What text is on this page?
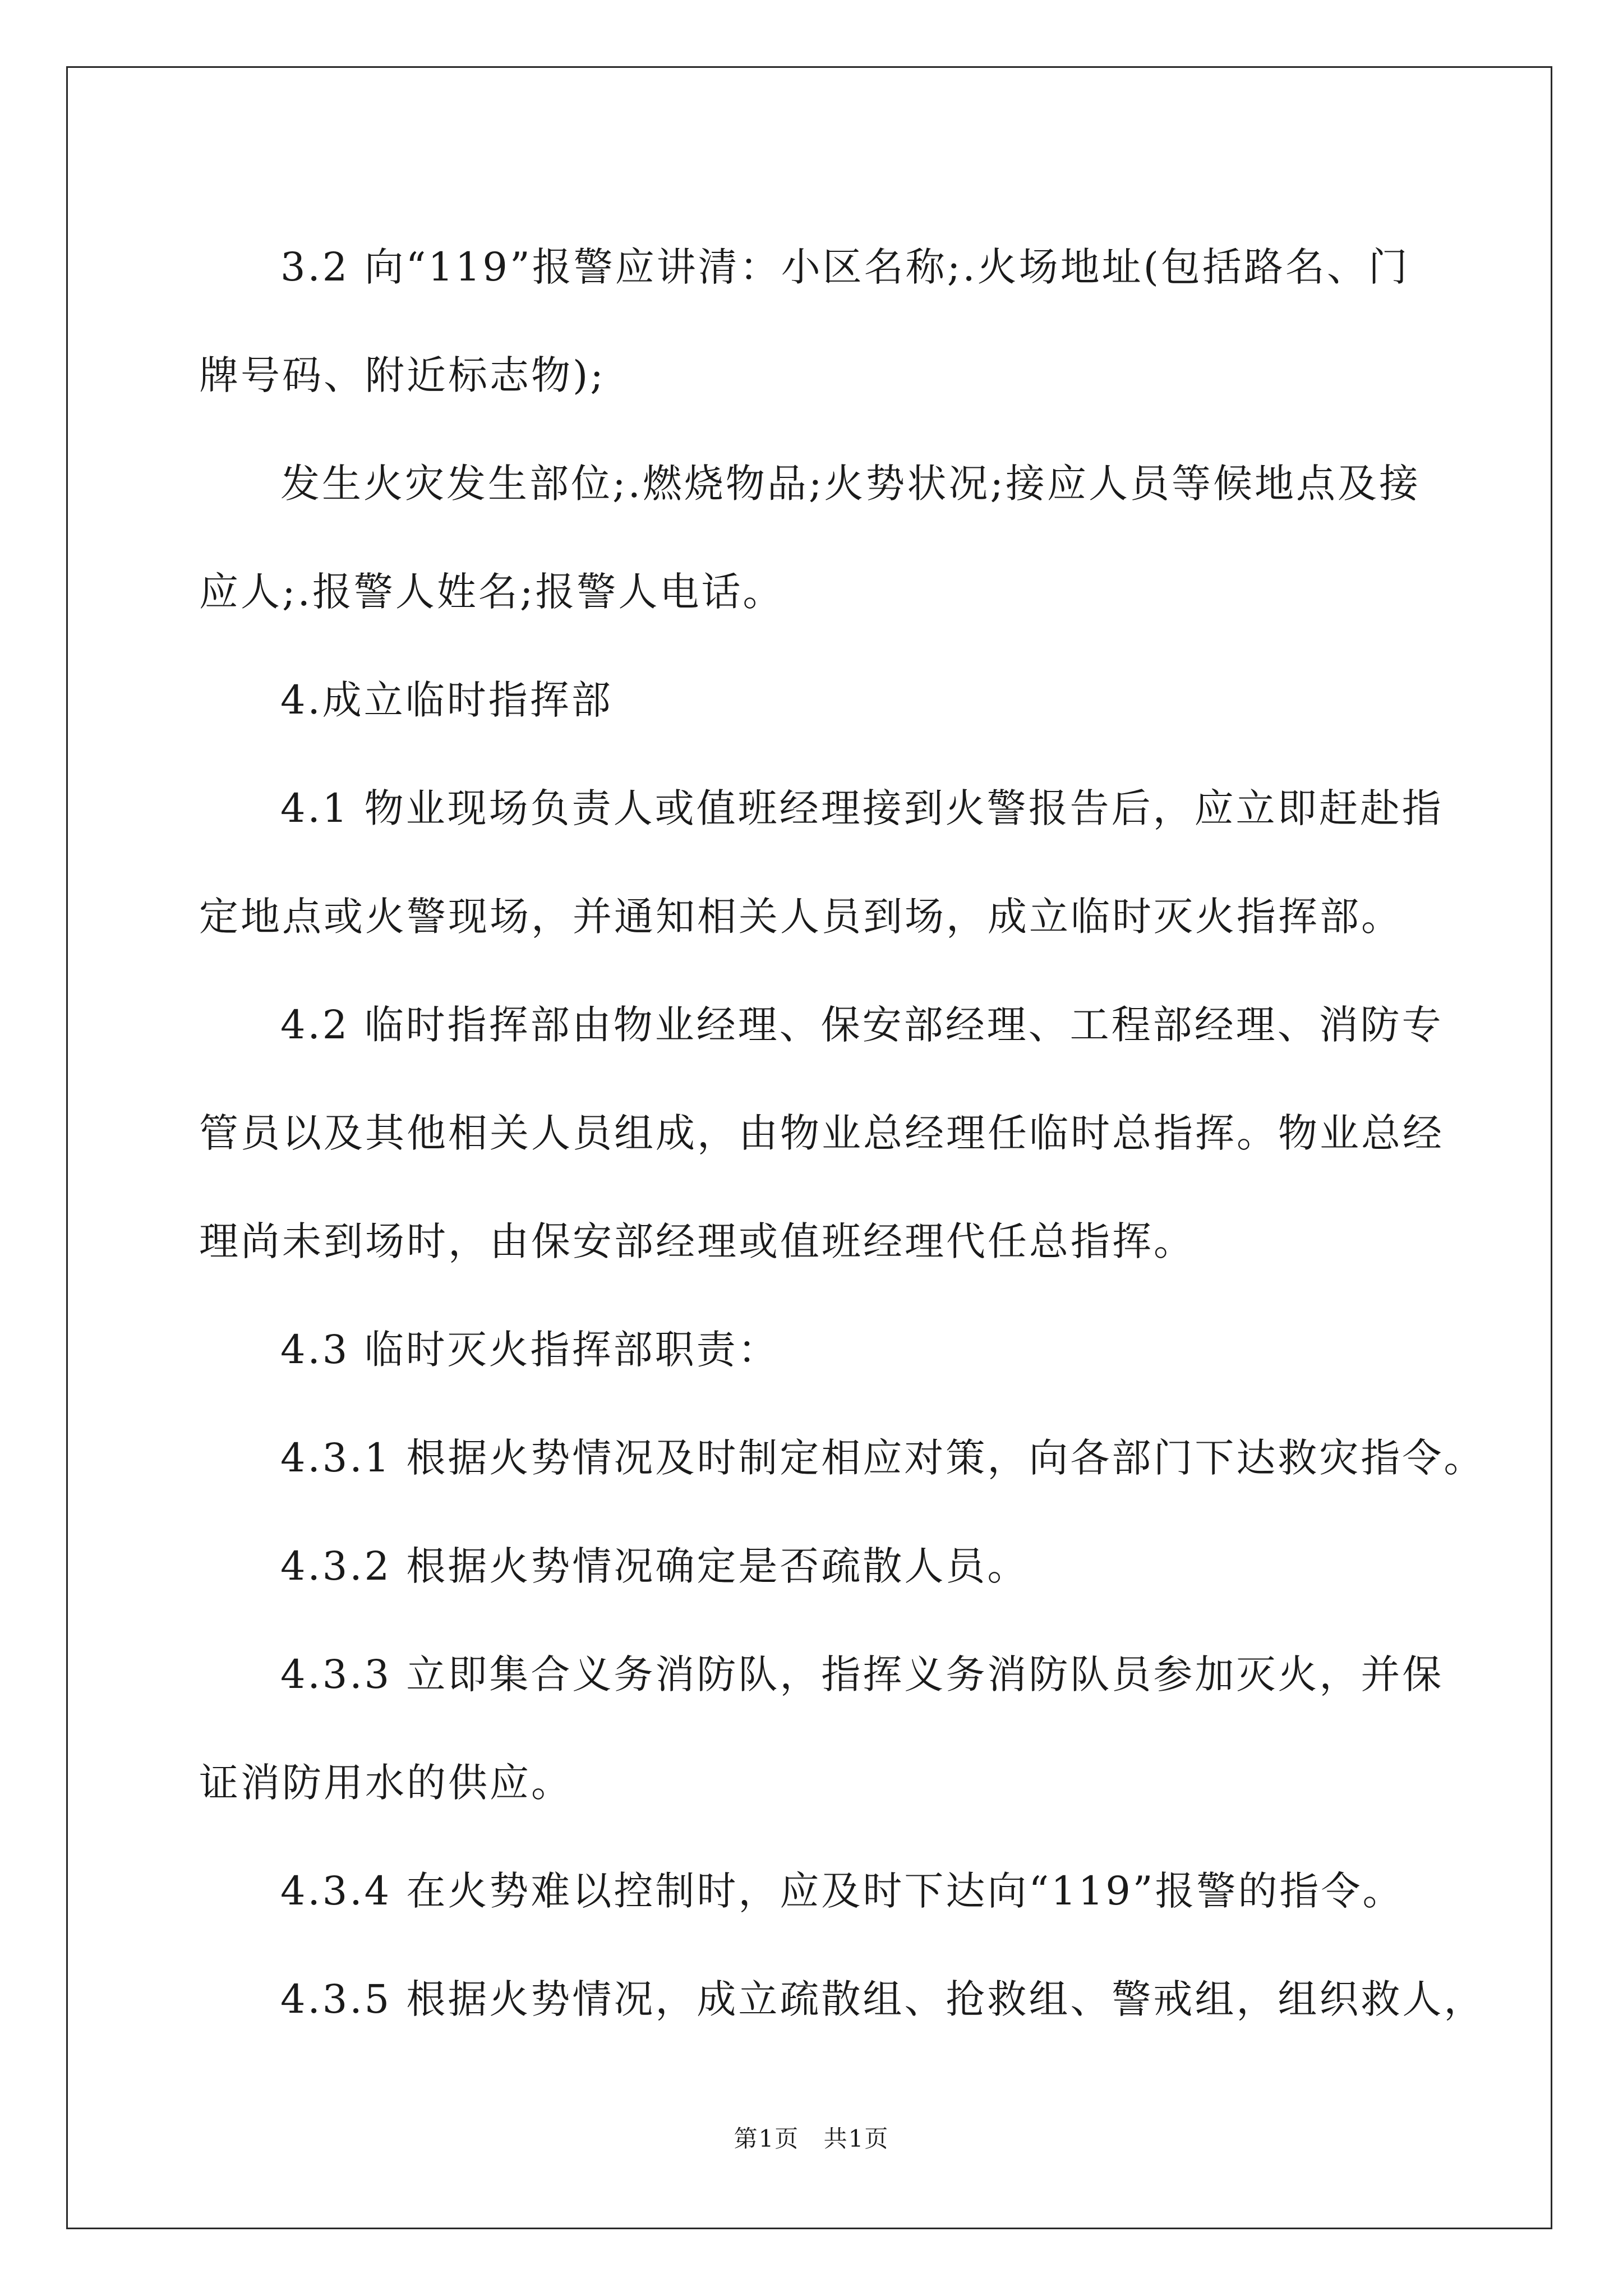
3.2 向“119”报警应讲清：小区名称;.火场地址(包括路名、门

牌号码、附近标志物);

发生火灾发生部位;.燃烧物品;火势状况;接应人员等候地点及接

应人;.报警人姓名;报警人电话。

4.成立临时指挥部

4.1 物业现场负责人或值班经理接到火警报告后，应立即赶赴指

定地点或火警现场，并通知相关人员到场，成立临时灭火指挥部。

4.2 临时指挥部由物业经理、保安部经理、工程部经理、消防专

管员以及其他相关人员组成，由物业总经理任临时总指挥。物业总经

理尚未到场时，由保安部经理或值班经理代任总指挥。

4.3 临时灭火指挥部职责：

4.3.1 根据火势情况及时制定相应对策，向各部门下达救灾指令。

4.3.2 根据火势情况确定是否疏散人员。

4.3.3 立即集合义务消防队，指挥义务消防队员参加灭火，并保

证消防用水的供应。

4.3.4 在火势难以控制时，应及时下达向“119”报警的指令。

4.3.5 根据火势情况，成立疏散组、抢救组、警戒组，组织救人，

第1页 共1页
